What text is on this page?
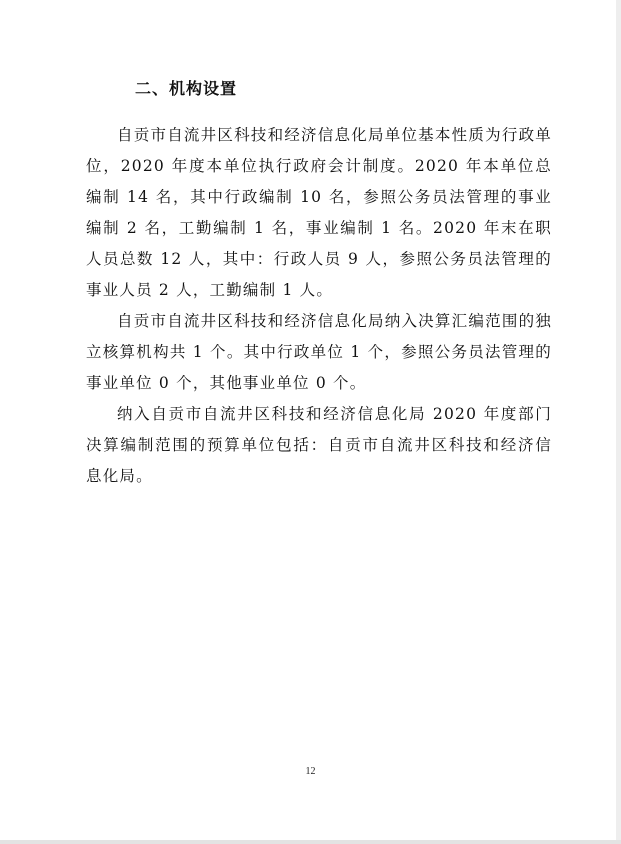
二、机构设置

自贡市自流井区科技和经济信息化局单位基本性质为行政单位，2020 年度本单位执行政府会计制度。2020 年本单位总编制 14 名，其中行政编制 10 名，参照公务员法管理的事业编制 2 名，工勤编制 1 名，事业编制 1 名。2020 年末在职人员总数 12 人，其中：行政人员 9 人，参照公务员法管理的事业人员 2 人，工勤编制 1 人。

自贡市自流井区科技和经济信息化局纳入决算汇编范围的独立核算机构共 1 个。其中行政单位 1 个，参照公务员法管理的事业单位 0 个，其他事业单位 0 个。

纳入自贡市自流井区科技和经济信息化局 2020 年度部门决算编制范围的预算单位包括：自贡市自流井区科技和经济信息化局。

12
